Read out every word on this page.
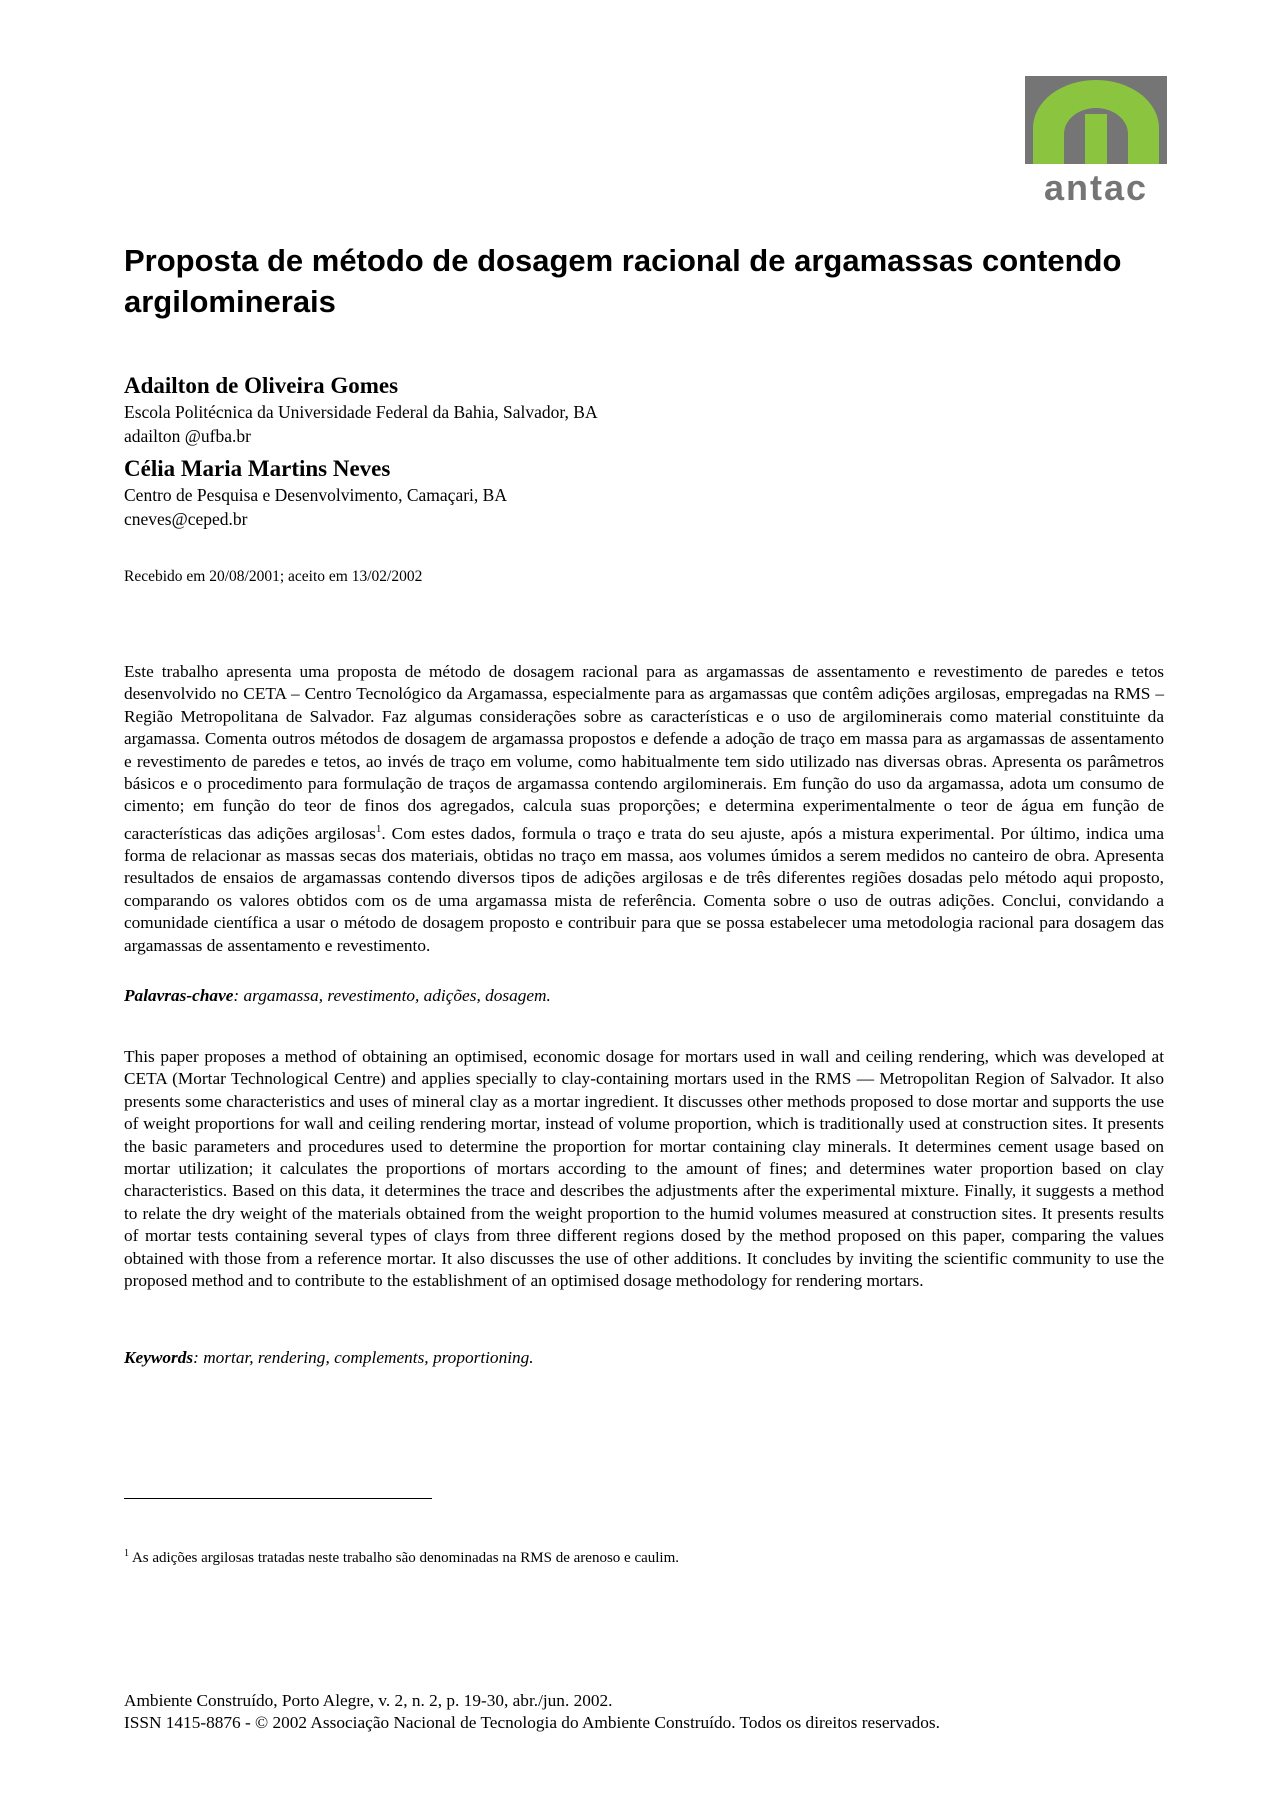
antac
Proposta de método de dosagem racional de argamassas contendo argilominerais
Adailton de Oliveira Gomes
Escola Politécnica da Universidade Federal da Bahia, Salvador, BA
adailton @ufba.br
Célia Maria Martins Neves
Centro de Pesquisa e Desenvolvimento, Camaçari, BA
cneves@ceped.br
Recebido em 20/08/2001; aceito em 13/02/2002

Este trabalho apresenta uma proposta de método de dosagem racional para as argamassas de assentamento e revestimento de paredes e tetos desenvolvido no CETA – Centro Tecnológico da Argamassa, especialmente para as argamassas que contêm adições argilosas, empregadas na RMS – Região Metropolitana de Salvador. Faz algumas considerações sobre as características e o uso de argilominerais como material constituinte da argamassa. Comenta outros métodos de dosagem de argamassa propostos e defende a adoção de traço em massa para as argamassas de assentamento e revestimento de paredes e tetos, ao invés de traço em volume, como habitualmente tem sido utilizado nas diversas obras. Apresenta os parâmetros básicos e o procedimento para formulação de traços de argamassa contendo argilominerais. Em função do uso da argamassa, adota um consumo de cimento; em função do teor de finos dos agregados, calcula suas proporções; e determina experimentalmente o teor de água em função de características das adições argilosas$^1$. Com estes dados, formula o traço e trata do seu ajuste, após a mistura experimental. Por último, indica uma forma de relacionar as massas secas dos materiais, obtidas no traço em massa, aos volumes úmidos a serem medidos no canteiro de obra. Apresenta resultados de ensaios de argamassas contendo diversos tipos de adições argilosas e de três diferentes regiões dosadas pelo método aqui proposto, comparando os valores obtidos com os de uma argamassa mista de referência. Comenta sobre o uso de outras adições. Conclui, convidando a comunidade científica a usar o método de dosagem proposto e contribuir para que se possa estabelecer uma metodologia racional para dosagem das argamassas de assentamento e revestimento.

Palavras-chave: argamassa, revestimento, adições, dosagem.

This paper proposes a method of obtaining an optimised, economic dosage for mortars used in wall and ceiling rendering, which was developed at CETA (Mortar Technological Centre) and applies specially to clay-containing mortars used in the RMS — Metropolitan Region of Salvador. It also presents some characteristics and uses of mineral clay as a mortar ingredient. It discusses other methods proposed to dose mortar and supports the use of weight proportions for wall and ceiling rendering mortar, instead of volume proportion, which is traditionally used at construction sites. It presents the basic parameters and procedures used to determine the proportion for mortar containing clay minerals. It determines cement usage based on mortar utilization; it calculates the proportions of mortars according to the amount of fines; and determines water proportion based on clay characteristics. Based on this data, it determines the trace and describes the adjustments after the experimental mixture. Finally, it suggests a method to relate the dry weight of the materials obtained from the weight proportion to the humid volumes measured at construction sites. It presents results of mortar tests containing several types of clays from three different regions dosed by the method proposed on this paper, comparing the values obtained with those from a reference mortar. It also discusses the use of other additions. It concludes by inviting the scientific community to use the proposed method and to contribute to the establishment of an optimised dosage methodology for rendering mortars.

Keywords: mortar, rendering, complements, proportioning.
$^1$ As adições argilosas tratadas neste trabalho são denominadas na RMS de arenoso e caulim.
Ambiente Construído, Porto Alegre, v. 2, n. 2, p. 19-30, abr./jun. 2002.
ISSN 1415-8876 - © 2002 Associação Nacional de Tecnologia do Ambiente Construído. Todos os direitos reservados.
